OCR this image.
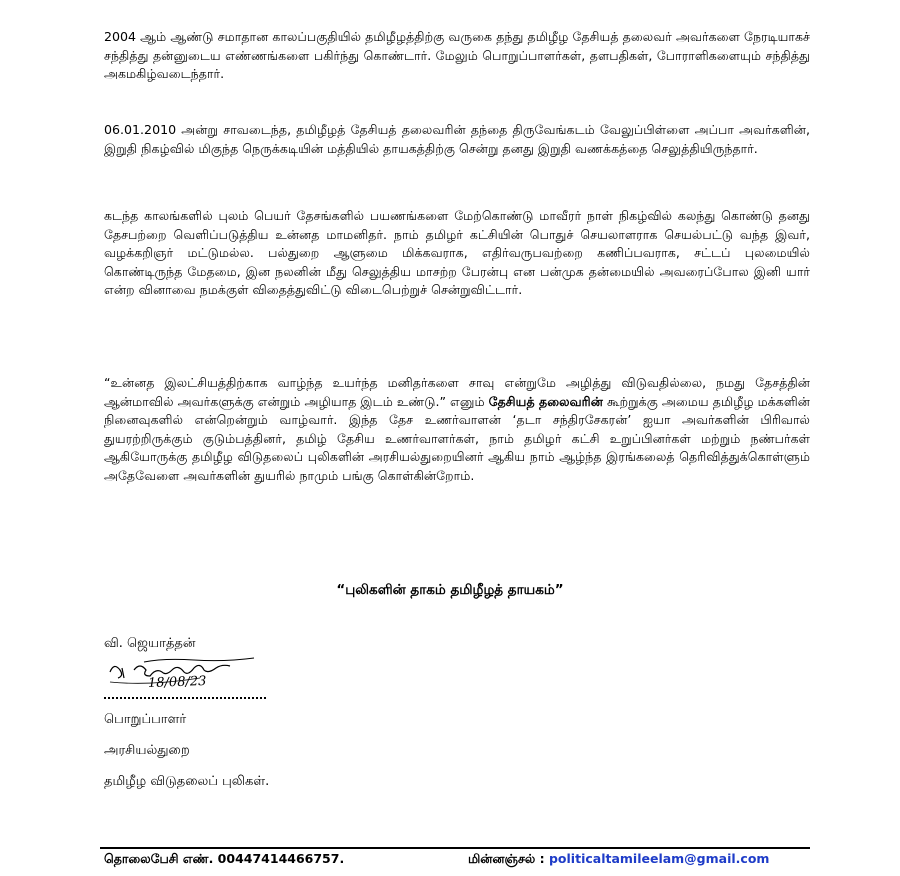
2004 ஆம் ஆண்டு சமாதான காலப்பகுதியில் தமிழீழத்திற்கு வருகை தந்து தமிழீழ தேசியத் தலைவர் அவர்களை நேரடியாகச் சந்தித்து தன்னுடைய எண்ணங்களை பகிர்ந்து கொண்டார். மேலும் பொறுப்பாளர்கள், தளபதிகள், போராளிகளையும் சந்தித்து அகமகிழ்வடைந்தார்.

06.01.2010 அன்று சாவடைந்த, தமிழீழத் தேசியத் தலைவரின் தந்தை திருவேங்கடம் வேலுப்பிள்ளை அப்பா அவர்களின், இறுதி நிகழ்வில் மிகுந்த நெருக்கடியின் மத்தியில் தாயகத்திற்கு சென்று தனது இறுதி வணக்கத்தை செலுத்தியிருந்தார்.

கடந்த காலங்களில் புலம் பெயர் தேசங்களில் பயணங்களை மேற்கொண்டு மாவீரர் நாள் நிகழ்வில் கலந்து கொண்டு தனது தேசபற்றை வெளிப்படுத்திய உன்னத மாமனிதர். நாம் தமிழர் கட்சியின் பொதுச் செயலாளராக செயல்பட்டு வந்த இவர், வழக்கறிஞர் மட்டுமல்ல. பல்துறை ஆளுமை மிக்கவராக, எதிர்வருபவற்றை கணிப்பவராக, சட்டப் புலமையில் கொண்டிருந்த மேதமை, இன நலனின் மீது செலுத்திய மாசற்ற பேரன்பு என பன்முக தன்மையில் அவரைப்போல இனி யார் என்ற வினாவை நமக்குள் விதைத்துவிட்டு விடைபெற்றுச் சென்றுவிட்டார்.

“உன்னத இலட்சியத்திற்காக வாழ்ந்த உயர்ந்த மனிதர்களை சாவு என்றுமே அழித்து விடுவதில்லை, நமது தேசத்தின் ஆன்மாவில் அவர்களுக்கு என்றும் அழியாத இடம் உண்டு.” எனும் தேசியத் தலைவரின் கூற்றுக்கு அமைய தமிழீழ மக்களின் நினைவுகளில் என்றென்றும் வாழ்வார். இந்த தேச உணர்வாளன் ‘தடா சந்திரசேகரன்’ ஐயா அவர்களின் பிரிவால் துயரற்றிருக்கும் குடும்பத்தினர், தமிழ் தேசிய உணர்வாளர்கள், நாம் தமிழர் கட்சி உறுப்பினர்கள் மற்றும் நண்பர்கள் ஆகியோருக்கு தமிழீழ விடுதலைப் புலிகளின் அரசியல்துறையினர் ஆகிய நாம் ஆழ்ந்த இரங்கலைத் தெரிவித்துக்கொள்ளும் அதேவேளை அவர்களின் துயரில் நாமும் பங்கு கொள்கின்றோம்.

“புலிகளின் தாகம் தமிழீழத் தாயகம்”
வி. ஜெயாத்தன்
18/08/23
பொறுப்பாளர்
அரசியல்துறை
தமிழீழ விடுதலைப் புலிகள்.
தொலைபேசி எண். 00447414466757.	மின்னஞ்சல் : politicaltamileelam@gmail.com
